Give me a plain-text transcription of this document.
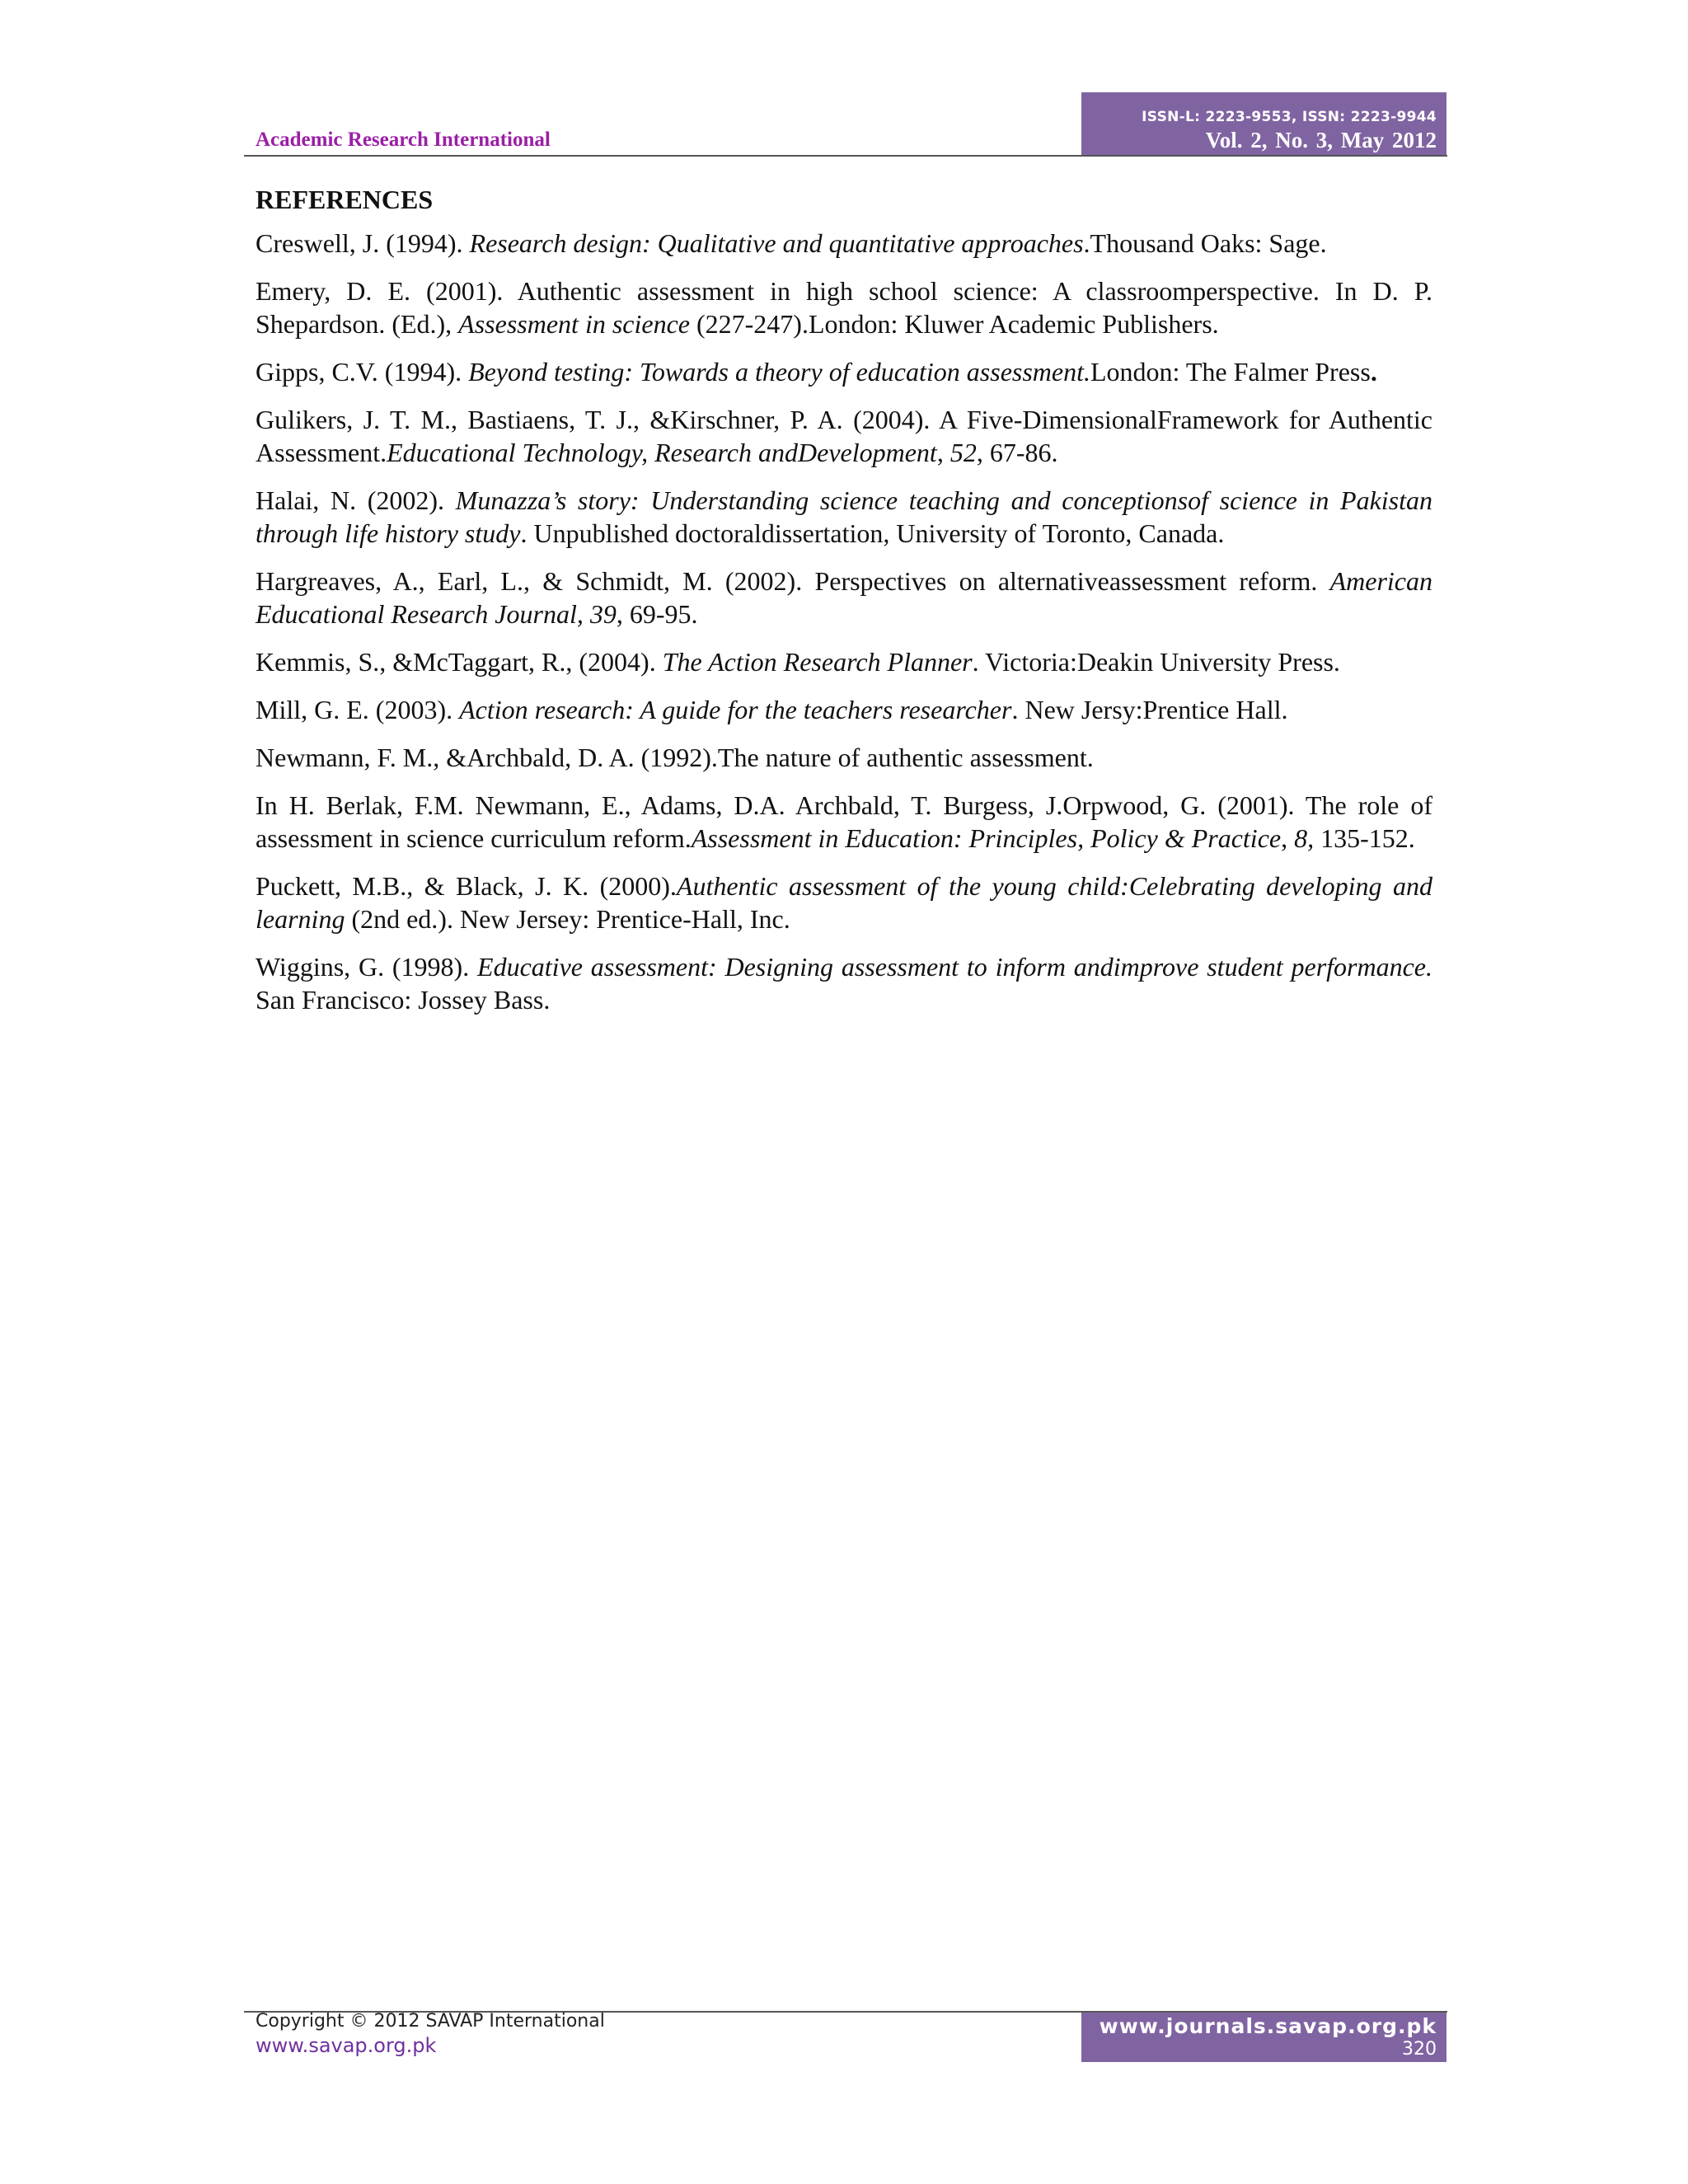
Academic Research International
ISSN-L: 2223-9553, ISSN: 2223-9944
Vol. 2, No. 3, May 2012
REFERENCES

Creswell, J. (1994). Research design: Qualitative and quantitative approaches.Thousand Oaks: Sage.

Emery, D. E. (2001). Authentic assessment in high school science: A classroomperspective. In D. P. Shepardson. (Ed.), Assessment in science (227-247).London: Kluwer Academic Publishers.

Gipps, C.V. (1994). Beyond testing: Towards a theory of education assessment.London: The Falmer Press.

Gulikers, J. T. M., Bastiaens, T. J., &Kirschner, P. A. (2004). A Five-DimensionalFramework for Authentic Assessment.Educational Technology, Research andDevelopment, 52, 67-86.

Halai, N. (2002). Munazza’s story: Understanding science teaching and conceptionsof science in Pakistan through life history study. Unpublished doctoraldissertation, University of Toronto, Canada.

Hargreaves, A., Earl, L., & Schmidt, M. (2002). Perspectives on alternativeassessment reform. American Educational Research Journal, 39, 69-95.

Kemmis, S., &McTaggart, R., (2004). The Action Research Planner. Victoria:Deakin University Press.

Mill, G. E. (2003). Action research: A guide for the teachers researcher. New Jersy:Prentice Hall.

Newmann, F. M., &Archbald, D. A. (1992).The nature of authentic assessment.

In H. Berlak, F.M. Newmann, E., Adams, D.A. Archbald, T. Burgess, J.Orpwood, G. (2001). The role of assessment in science curriculum reform.Assessment in Education: Principles, Policy & Practice, 8, 135-152.

Puckett, M.B., & Black, J. K. (2000).Authentic assessment of the young child:Celebrating developing and learning (2nd ed.). New Jersey: Prentice-Hall, Inc.

Wiggins, G. (1998). Educative assessment: Designing assessment to inform andimprove student performance. San Francisco: Jossey Bass.

Copyright © 2012 SAVAP International
www.savap.org.pk
www.journals.savap.org.pk
320
